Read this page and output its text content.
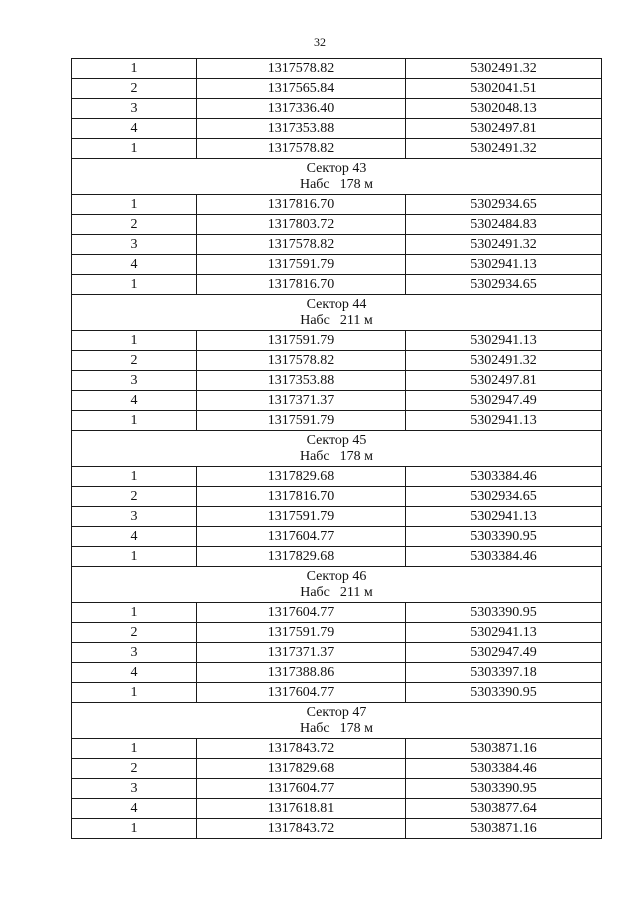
32
1	1317578.82	5302491.32
2	1317565.84	5302041.51
3	1317336.40	5302048.13
4	1317353.88	5302497.81
1	1317578.82	5302491.32

Сектор 43
Набс 178 м		

1	1317816.70	5302934.65
2	1317803.72	5302484.83
3	1317578.82	5302491.32
4	1317591.79	5302941.13
1	1317816.70	5302934.65

Сектор 44
Набс 211 м		

1	1317591.79	5302941.13
2	1317578.82	5302491.32
3	1317353.88	5302497.81
4	1317371.37	5302947.49
1	1317591.79	5302941.13

Сектор 45
Набс 178 м		

1	1317829.68	5303384.46
2	1317816.70	5302934.65
3	1317591.79	5302941.13
4	1317604.77	5303390.95
1	1317829.68	5303384.46

Сектор 46
Набс 211 м		

1	1317604.77	5303390.95
2	1317591.79	5302941.13
3	1317371.37	5302947.49
4	1317388.86	5303397.18
1	1317604.77	5303390.95

Сектор 47
Набс 178 м		

1	1317843.72	5303871.16
2	1317829.68	5303384.46
3	1317604.77	5303390.95
4	1317618.81	5303877.64
1	1317843.72	5303871.16
